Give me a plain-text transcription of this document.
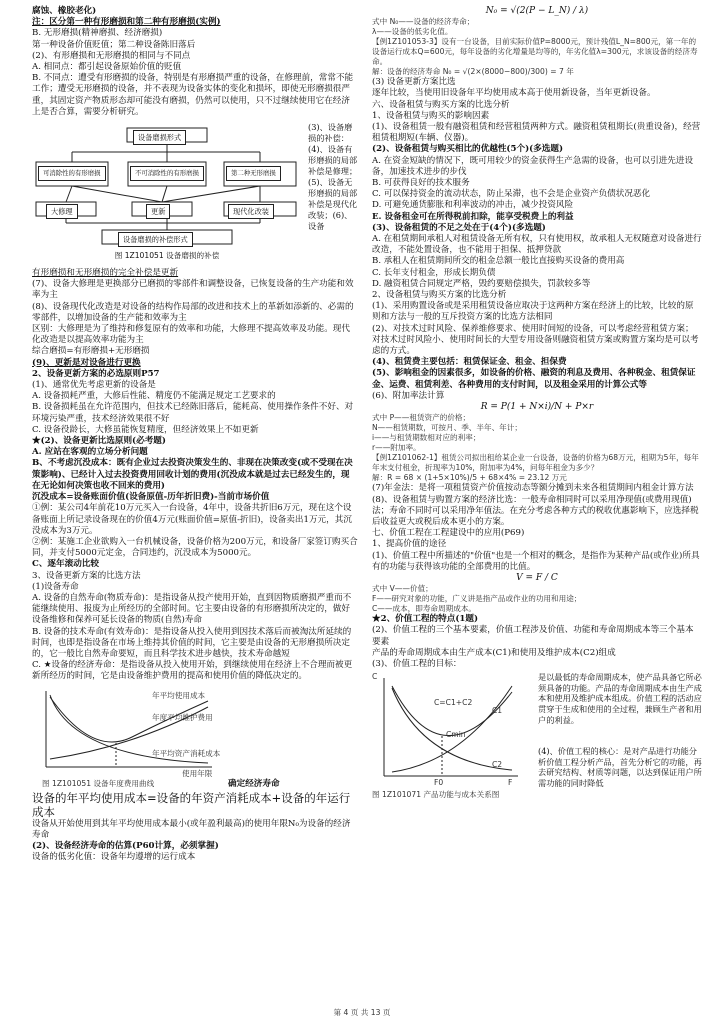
腐蚀、橡胶老化)

注：区分第一种有形磨损和第二种有形磨损(实例)

B. 无形磨损(精神磨损、经济磨损)

第一种设备价值贬值；第二种设备陈旧落后

(2)、有形磨损和无形磨损的相同与不同点

A. 相同点：都引起设备原始价值的贬值

B. 不同点：遭受有形磨损的设备，特别是有形磨损严重的设备，在修理前，常常不能工作；遭受无形磨损的设备，并不表现为设备实体的变化和损坏，即使无形磨损很严重，其固定资产物质形态却可能没有磨损，仍然可以使用，只不过继续使用它在经济上是否合算，需要分析研究。

设备磨损形式
可消除性的有形磨损	不可消除性的有形磨损	第二种无形磨损
大修理	更新	现代化改装
设备磨损的补偿形式

图 1Z101051 设备磨损的补偿

(3)、设备磨损的补偿：(4)、设备有形磨损的局部补偿是修理；(5)、设备无形磨损的局部补偿是现代化改装；(6)、设备

有形磨损和无形磨损的完全补偿是更新

(7)、设备大修理是更换部分已磨损的零部件和调整设备，已恢复设备的生产功能和效率为主

(8)、设备现代化改造是对设备的结构作局部的改进和技术上的革新如添新的、必需的零部件，以增加设备的生产能和效率为主

区别：大修理是为了维持和修复原有的效率和功能，大修理不提高效率及功能。现代化改造是以提高效率功能为主

综合磨损=有形磨损+无形磨损

(9)、更新是对设备进行更换

2、设备更新方案的必选原则P57

(1)、通常优先考虑更新的设备是

A. 设备损耗严重，大修后性能、精度仍不能满足规定工艺要求的

B. 设备损耗虽在允许范围内，但技术已经陈旧落后，能耗高、使用操作条件不好、对环境污染严重，技术经济效果很不好

C. 设备役龄长，大修虽能恢复精度，但经济效果上不如更新

★(2)、设备更新比选原则(必考题)

A. 应站在客观的立场分析问题

B、不考虑沉没成本：既有企业过去投资决策发生的、非现在决策改变(或不受现在决策影响)、已经计入过去投资费用回收计划的费用(沉没成本就是过去已经发生的，现在无论如何决策也收不回来的费用)

沉没成本=设备账面价值(设备原值-历年折旧费)-当前市场价值

①例：某公司4年前花10万元买入一台设备，4年中，设备共折旧6万元，现在这个设备账面上所记录设备现在的价值4万元(账面价值=原值-折旧)，设备卖出1万元，其沉没成本为3万元。

②例：某施工企业欲购入一台机械设备，设备价格为200万元，和设备厂家签订购买合同，并支付5000元定金，合同违约，沉没成本为5000元。

C、逐年滚动比较

3、设备更新方案的比选方法

(1)设备寿命

A. 设备的自然寿命(物质寿命)：是指设备从投产使用开始，直到因物质磨损严重而不能继续使用、报废为止所经历的全部时间。它主要由设备的有形磨损所决定的，做好设备维修和保养可延长设备的物质(自然)寿命

B. 设备的技术寿命(有效寿命)：是指设备从投入使用到因技术落后而被淘汰所延续的时间，也即是指设备在市场上维持其价值的时间，它主要是由设备的无形磨损所决定的，它一般比自然寿命要短，而且科学技术进步越快，技术寿命越短

C. ★设备的经济寿命：是指设备从投入使用开始，到继续使用在经济上不合理而被更新所经历的时间，它是由设备维护费用的提高和使用价值的降低决定的。

年平均使用成本
年度平均维护费用
年平均资产消耗成本
使用年限
图 1Z101051 设备年度费用曲线	确定经济寿命

设备的年平均使用成本=设备的年资产消耗成本+设备的年运行成本

设备从开始使用到其年平均使用成本最小(或年盈利最高)的使用年限N₀为设备的经济寿命

(2)、设备经济寿命的估算(P60计算，必须掌握)

设备的低劣化值：设备年均遵增的运行成本

N₀ = √(2(P − L_N) / λ)

式中 N₀——设备的经济寿命；

λ——设备的低劣化值。

【例1Z101053-3】设有一台设备，目前实际价值P=8000元，预计残值L_N=800元，第一年的设备运行成本Q=600元，每年设备的劣化增量是均等的，年劣化值λ=300元，求该设备的经济寿命。

解：设备的经济寿命 N₀ = √(2×(8000−800)/300) = 7 年

(3) 设备更新方案比选

逐年比较，当使用旧设备年平均使用成本高于使用新设备，当年更新设备。

六、设备租赁与购买方案的比选分析

1、设备租赁与购买的影响因素

(1)、设备租赁一般有融资租赁和经营租赁两种方式。融资租赁租期长(贵重设备)，经营租赁租期短(车辆、仪器)。

(2)、设备租赁与购买相比的优越性(5个)(多选题)

A. 在资金短缺的情况下，既可用较少的资金获得生产急需的设备，也可以引进先进设备，加速技术进步的步伐

B. 可获得良好的技术服务

C. 可以保持资金的流动状态，防止呆滞，也不会是企业资产负债状况恶化

D. 可避免通货膨胀和利率波动的冲击，减少投资风险

E. 设备租金可在所得税前扣除，能享受税费上的利益

(3)、设备租赁的不足之处在于(4个)(多选题)

A. 在租赁期间承租人对租赁设备无所有权，只有使用权，故承租人无权随意对设备进行改造，不能处置设备，也不能用于担保、抵押贷款

B. 承租人在租赁期间所交的租金总额一般比直接购买设备的费用高

C. 长年支付租金，形成长期负债

D. 融资租赁合同规定严格，毁约要赔偿损失，罚款较多等

2、设备租赁与购买方案的比选分析

(1)、采用购置设备或是采用租赁设备应取决于这两种方案在经济上的比较，比较的原则和方法与一般的互斥投资方案的比选方法相同

(2)、对技术过时风险、保养维修要求、使用时间短的设备，可以考虑经营租赁方案；对技术过时风险小、使用时间长的大型专用设备则融资租赁方案或购置方案均是可以考虑的方式。

(4)、租赁费主要包括：租赁保证金、租金、担保费

(5)、影响租金的因素很多，如设备的价格、融资的利息及费用、各种税金、租赁保证金、运费、租赁利差、各种费用的支付时间，以及租金采用的计算公式等

(6)、附加率法计算

R = P(1 + N×i)/N + P×r

式中 P——租赁资产的价格；

N——租赁期数，可按月、季、半年、年计；

i——与租赁期数相对应的利率；

r——附加率。

【例1Z101062-1】租赁公司拟出租给某企业一台设备，设备的价格为68万元，租期为5年，每年年末支付租金，折现率为10%，附加率为4%，问每年租金为多少？

解：R = 68 × (1+5×10%)/5 + 68×4% = 23.12 万元

(7)年金法：是将一项租赁资产价值按动态等额分摊到未来各租赁期间内租金计算方法

(8)、设备租赁与购置方案的经济比选：一般寿命相同时可以采用净现值(或费用现值)法；寿命不同时可以采用净年值法。在充分考虑各种方式的税收优惠影响下，应选择税后收益更大或税后成本更小的方案。

七、价值工程在工程建设中的应用(P69)

1、提高价值的途径

(1)、价值工程中所描述的"价值"也是一个相对的概念，是指作为某种产品(或作业)所具有的功能与获得该功能的全部费用的比值。

V = F / C

式中 V——价值；

F——研究对象的功能，广义讲是指产品或作业的功用和用途；

C——成本，即寿命周期成本。

★2、价值工程的特点(1题)

(2)、价值工程的三个基本要素，价值工程涉及价值、功能和寿命周期成本等三个基本要素

产品的寿命周期成本由生产成本(C1)和使用及维护成本(C2)组成

(3)、价值工程的目标：

C
C=C1+C2
C1
C2
F0	F
Cmin
图 1Z101071 产品功能与成本关系图

是以最低的寿命周期成本，使产品具备它所必须具备的功能。产品的寿命周期成本由生产成本和使用及维护成本组成。价值工程的活动应贯穿于生成和使用的全过程，兼顾生产者和用户的利益。

(4)、价值工程的核心：是对产品进行功能分析价值工程分析产品，首先分析它的功能，再去研究结构、材质等问题，以达到保证用户所需功能的同时降低

第 4 页 共 13 页
